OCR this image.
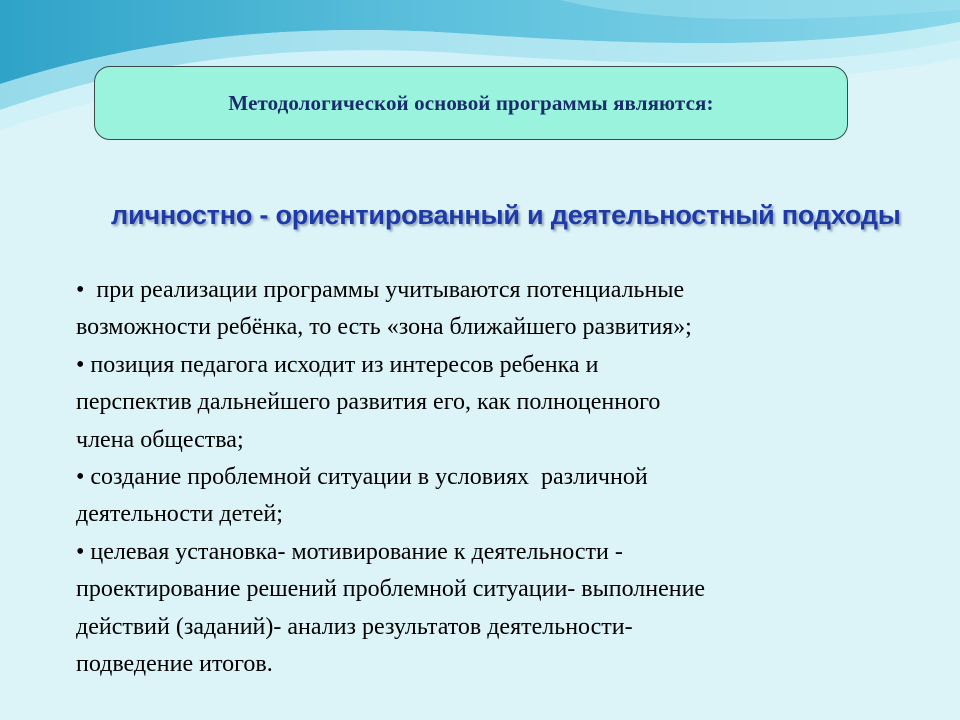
Методологической основой программы являются:
личностно - ориентированный и деятельностный подходы
•  при реализации программы учитываются потенциальные
возможности ребёнка, то есть «зона ближайшего развития»;
• позиция педагога исходит из интересов ребенка и
перспектив дальнейшего развития его, как полноценного
члена общества;
• создание проблемной ситуации в условиях  различной
деятельности детей;
• целевая установка- мотивирование к деятельности -
проектирование решений проблемной ситуации- выполнение
действий (заданий)- анализ результатов деятельности-
подведение итогов.
